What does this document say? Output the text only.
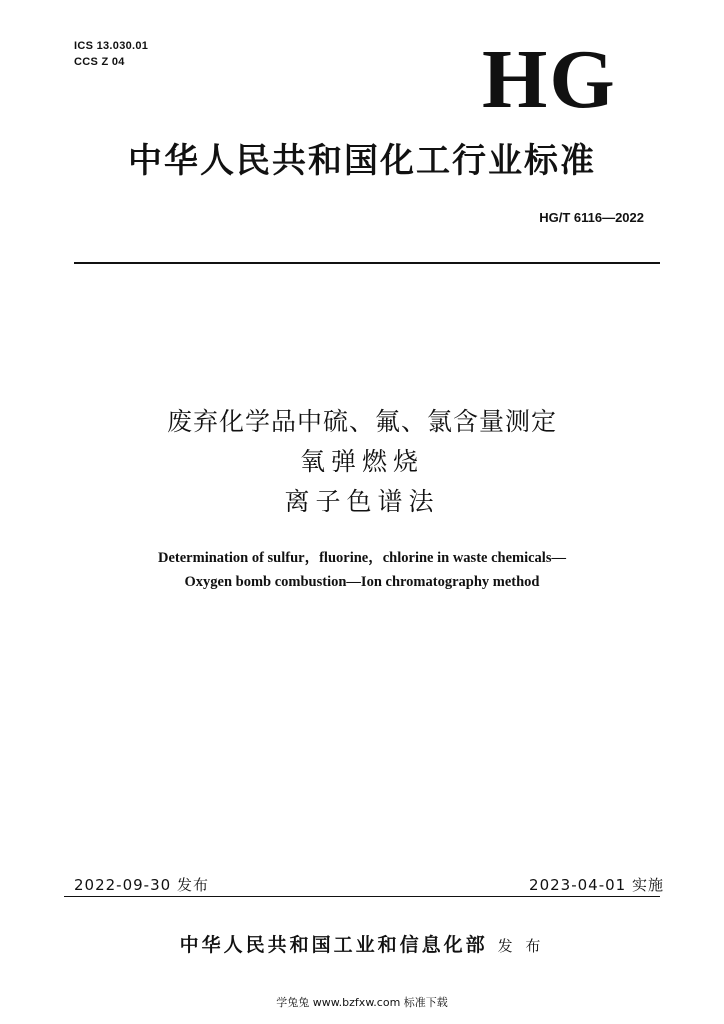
ICS 13.030.01
CCS Z 04	HG
中华人民共和国化工行业标准
HG/T 6116—2022
废弃化学品中硫、氟、氯含量测定
氧弹燃烧
离子色谱法
Determination of sulfur，fluorine，chlorine in waste chemicals—
Oxygen bomb combustion—Ion chromatography method
2022-09-30 发布	2023-04-01 实施
中华人民共和国工业和信息化部 发 布
学兔兔 www.bzfxw.com 标准下载
